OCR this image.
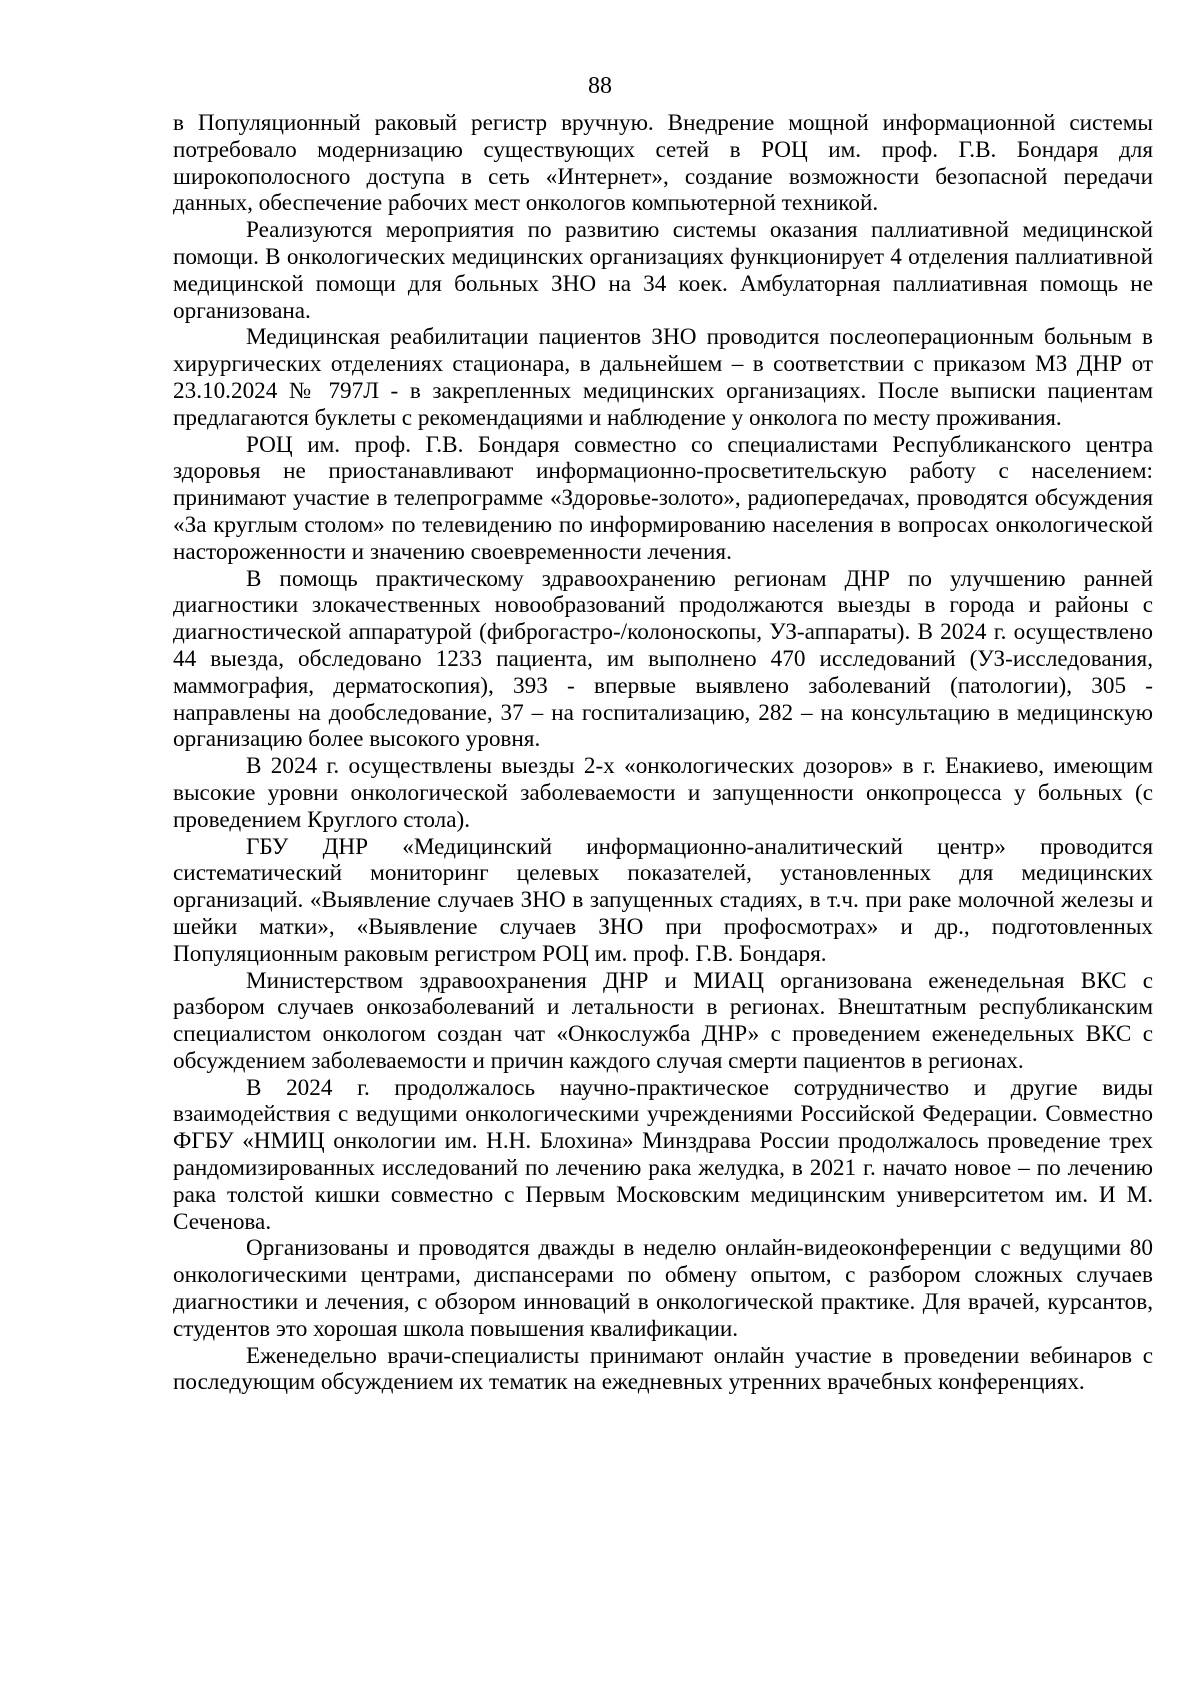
88

в Популяционный раковый регистр вручную. Внедрение мощной информационной системы потребовало модернизацию существующих сетей в РОЦ им. проф. Г.В. Бондаря для широкополосного доступа в сеть «Интернет», создание возможности безопасной передачи данных, обеспечение рабочих мест онкологов компьютерной техникой.

Реализуются мероприятия по развитию системы оказания паллиативной медицинской помощи. В онкологических медицинских организациях функционирует 4 отделения паллиативной медицинской помощи для больных ЗНО на 34 коек. Амбулаторная паллиативная помощь не организована.

Медицинская реабилитации пациентов ЗНО проводится послеоперационным больным в хирургических отделениях стационара, в дальнейшем – в соответствии с приказом МЗ ДНР от 23.10.2024 № 797Л - в закрепленных медицинских организациях. После выписки пациентам предлагаются буклеты с рекомендациями и наблюдение у онколога по месту проживания.

РОЦ им. проф. Г.В. Бондаря совместно со специалистами Республиканского центра здоровья не приостанавливают информационно-просветительскую работу с населением: принимают участие в телепрограмме «Здоровье-золото», радиопередачах, проводятся обсуждения «За круглым столом» по телевидению по информированию населения в вопросах онкологической настороженности и значению своевременности лечения.

В помощь практическому здравоохранению регионам ДНР по улучшению ранней диагностики злокачественных новообразований продолжаются выезды в города и районы с диагностической аппаратурой (фиброгастро-/колоноскопы, УЗ-аппараты). В 2024 г. осуществлено 44 выезда, обследовано 1233 пациента, им выполнено 470 исследований (УЗ-исследования, маммография, дерматоскопия), 393 - впервые выявлено заболеваний (патологии), 305 - направлены на дообследование, 37 – на госпитализацию, 282 – на консультацию в медицинскую организацию более высокого уровня.

В 2024 г. осуществлены выезды 2-х «онкологических дозоров» в г. Енакиево, имеющим высокие уровни онкологической заболеваемости и запущенности онкопроцесса у больных (с проведением Круглого стола).

ГБУ ДНР «Медицинский информационно-аналитический центр» проводится систематический мониторинг целевых показателей, установленных для медицинских организаций. «Выявление случаев ЗНО в запущенных стадиях, в т.ч. при раке молочной железы и шейки матки», «Выявление случаев ЗНО при профосмотрах» и др., подготовленных Популяционным раковым регистром РОЦ им. проф. Г.В. Бондаря.

Министерством здравоохранения ДНР и МИАЦ организована еженедельная ВКС с разбором случаев онкозаболеваний и летальности в регионах. Внештатным республиканским специалистом онкологом создан чат «Онкослужба ДНР» с проведением еженедельных ВКС с обсуждением заболеваемости и причин каждого случая смерти пациентов в регионах.

В 2024 г. продолжалось научно-практическое сотрудничество и другие виды взаимодействия с ведущими онкологическими учреждениями Российской Федерации. Совместно ФГБУ «НМИЦ онкологии им. Н.Н. Блохина» Минздрава России продолжалось проведение трех рандомизированных исследований по лечению рака желудка, в 2021 г. начато новое – по лечению рака толстой кишки совместно с Первым Московским медицинским университетом им. И М. Сеченова.

Организованы и проводятся дважды в неделю онлайн-видеоконференции с ведущими 80 онкологическими центрами, диспансерами по обмену опытом, с разбором сложных случаев диагностики и лечения, с обзором инноваций в онкологической практике. Для врачей, курсантов, студентов это хорошая школа повышения квалификации.

Еженедельно врачи-специалисты принимают онлайн участие в проведении вебинаров с последующим обсуждением их тематик на ежедневных утренних врачебных конференциях.
